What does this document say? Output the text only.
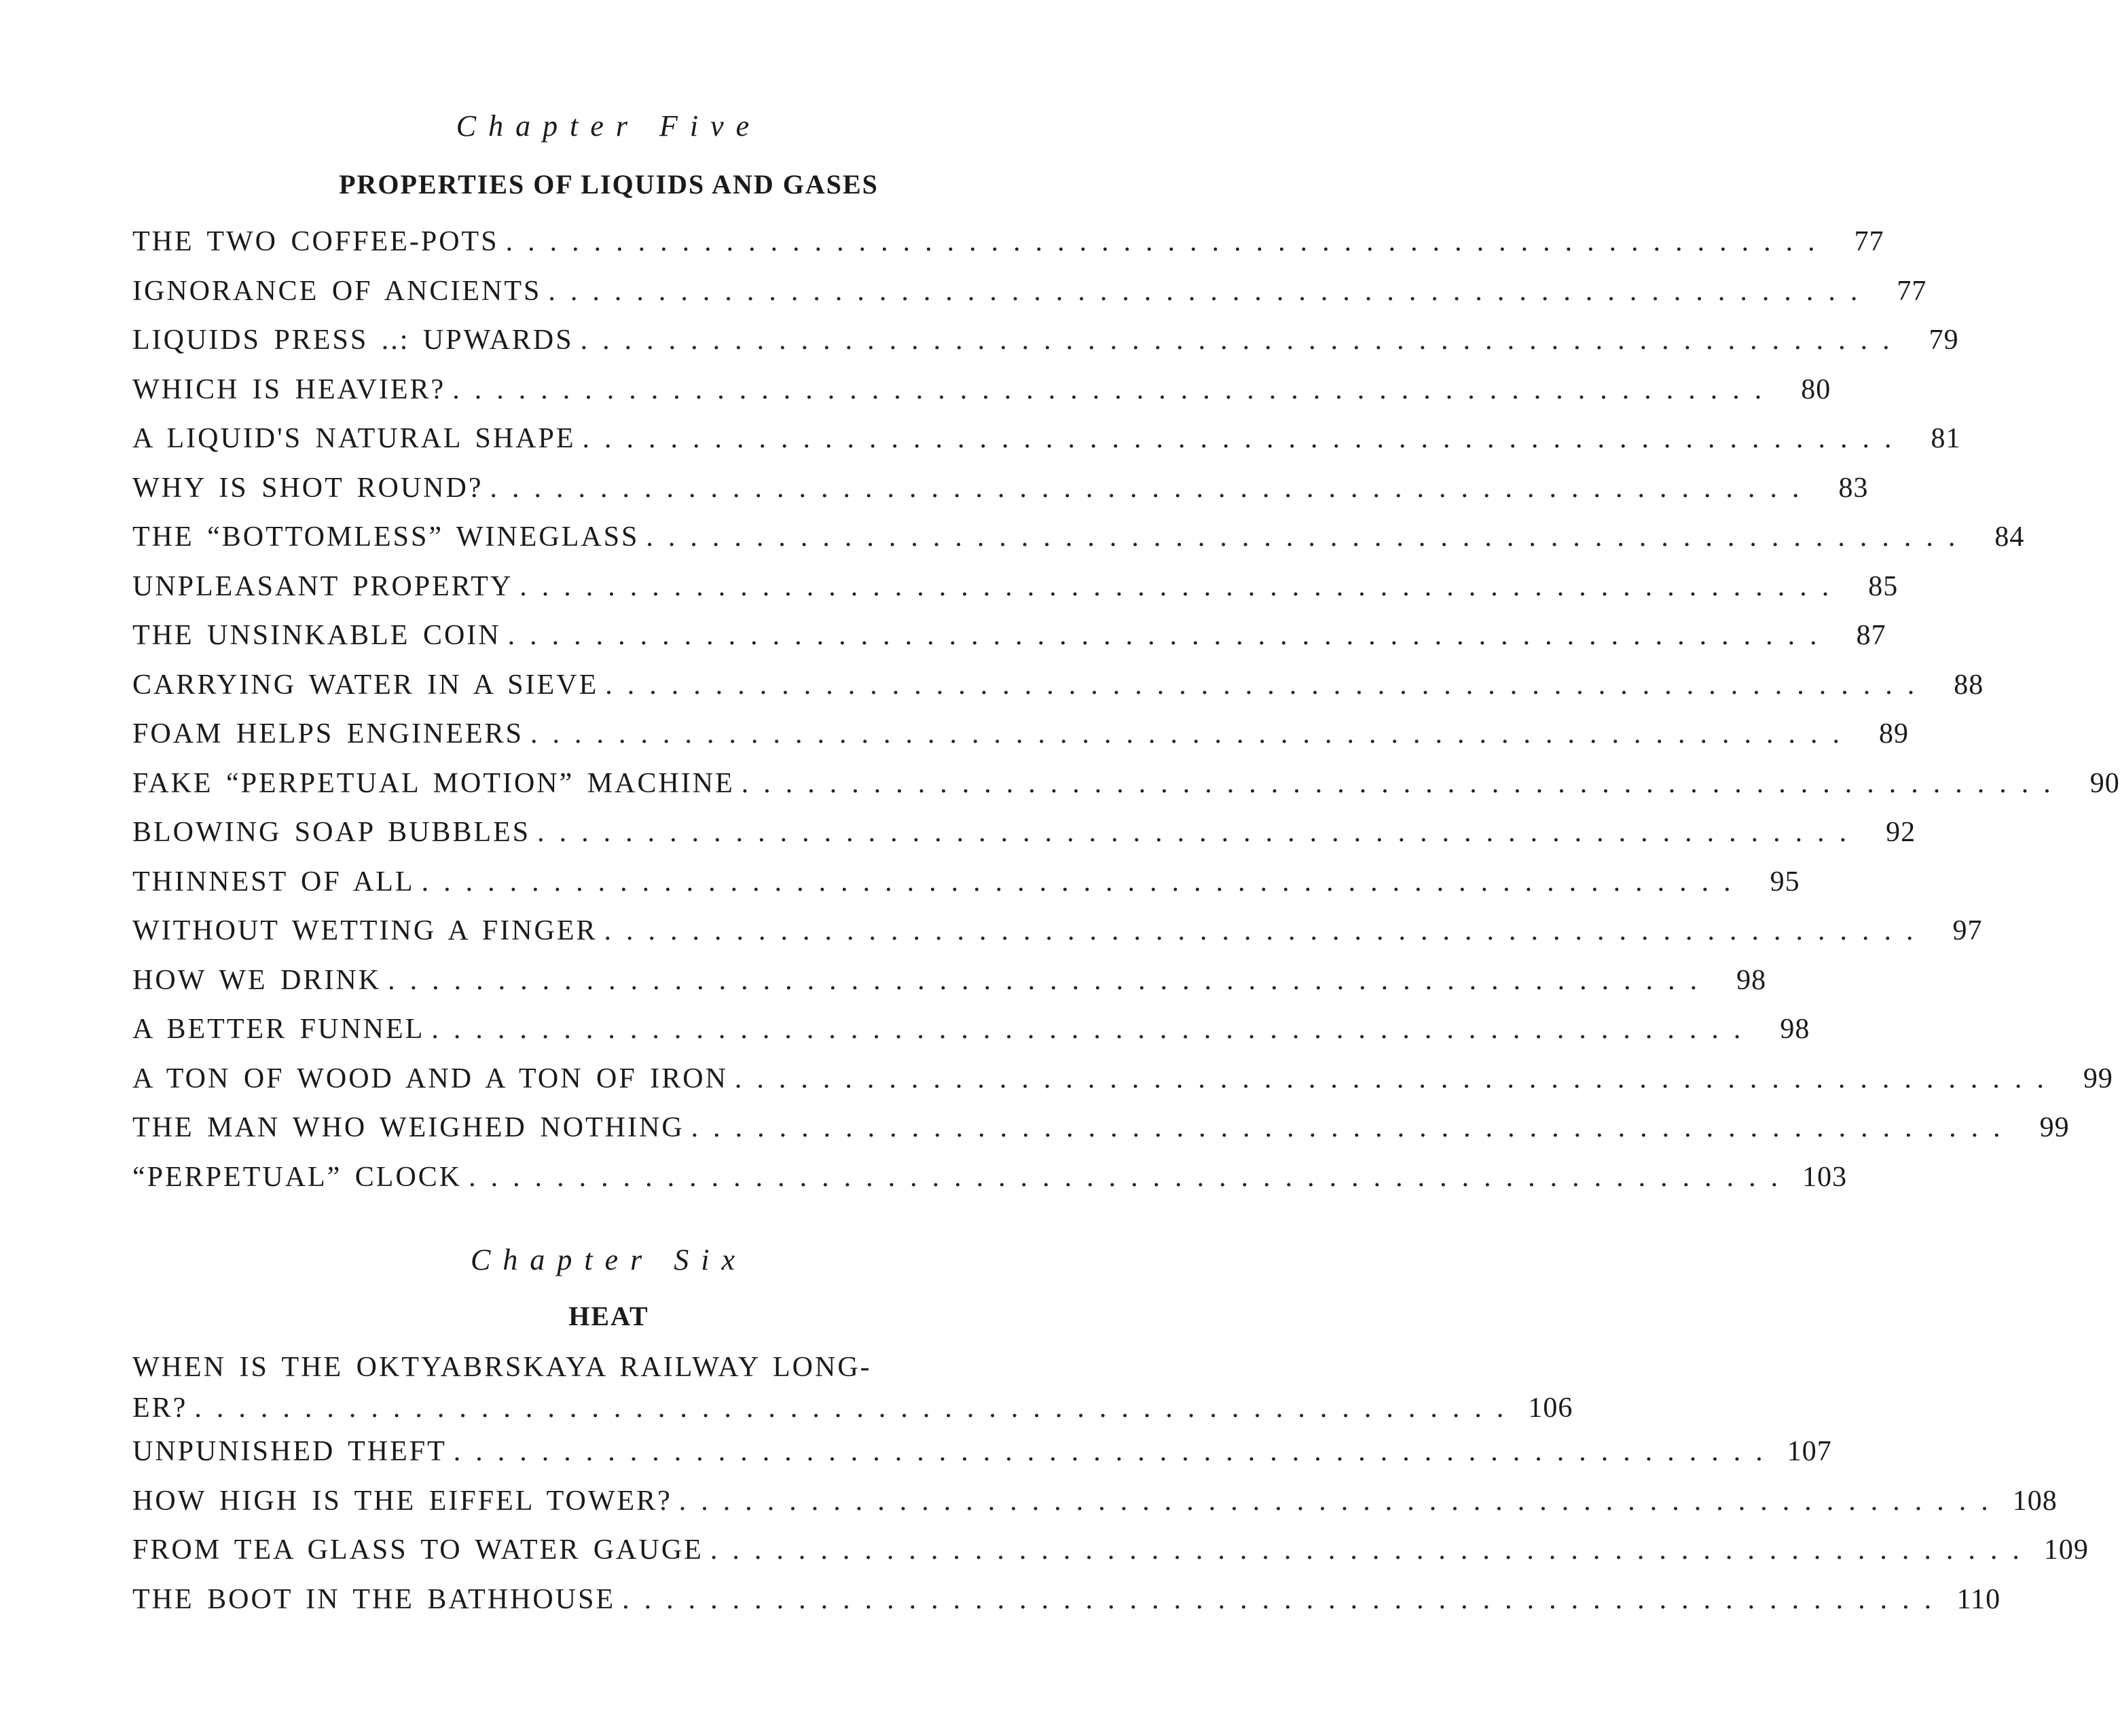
Chapter Five
PROPERTIES OF LIQUIDS AND GASES
THE TWO COFFEE-POTS ............................................................ 77
IGNORANCE OF ANCIENTS ............................................................ 77
LIQUIDS PRESS ..: UPWARDS ............................................................ 79
WHICH IS HEAVIER? ............................................................ 80
A LIQUID'S NATURAL SHAPE ............................................................ 81
WHY IS SHOT ROUND? ............................................................ 83
THE “BOTTOMLESS” WINEGLASS ............................................................ 84
UNPLEASANT PROPERTY ............................................................ 85
THE UNSINKABLE COIN ............................................................ 87
CARRYING WATER IN A SIEVE ............................................................ 88
FOAM HELPS ENGINEERS ............................................................ 89
FAKE “PERPETUAL MOTION” MACHINE ............................................................ 90
BLOWING SOAP BUBBLES ............................................................ 92
THINNEST OF ALL ............................................................ 95
WITHOUT WETTING A FINGER ............................................................ 97
HOW WE DRINK ............................................................ 98
A BETTER FUNNEL ............................................................ 98
A TON OF WOOD AND A TON OF IRON ............................................................ 99
THE MAN WHO WEIGHED NOTHING ............................................................ 99
“PERPETUAL” CLOCK ............................................................ 103
Chapter Six
HEAT
WHEN IS THE OKTYABRSKAYA RAILWAY LONG-
ER? ............................................................ 106
UNPUNISHED THEFT ............................................................ 107
HOW HIGH IS THE EIFFEL TOWER? ............................................................ 108
FROM TEA GLASS TO WATER GAUGE ............................................................ 109
THE BOOT IN THE BATHHOUSE ............................................................ 110
